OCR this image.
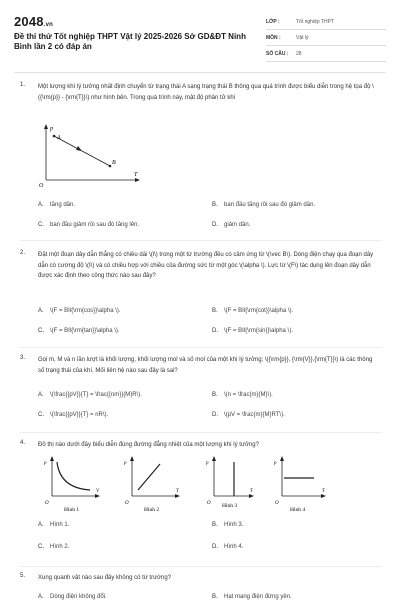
2048.vn
Đề thi thử Tốt nghiệp THPT Vật lý 2025-2026 Sở GD&ĐT Ninh Bình lần 2 có đáp án
LỚP :	Tốt nghiệp THPT
MÔN :	Vật lý
SỐ CÂU :	28
1.	Một lượng khí lý tưởng nhất định chuyển từ trạng thái A sang trạng thái B thông qua quá trình được biểu diễn trong hệ tọa độ \({\rm{p}} - {\rm{T}}\) như hình bên. Trong quá trình này, mật độ phân tử khí
p
A
B
T
O
A. tăng dần.	B. ban đầu tăng rồi sau đó giảm dần.
C. ban đầu giảm rồi sau đó tăng lên.	D. giảm dần.
2.	Đặt một đoạn dây dẫn thẳng có chiều dài \(l\) trong một từ trường đều có cảm ứng từ \(\vec B\). Dòng điện chạy qua đoạn dây dẫn có cường độ \(I\) và có chiều hợp với chiều của đường sức từ một góc \(\alpha \). Lực từ \(F\) tác dụng lên đoạn dây dẫn được xác định theo công thức nào sau đây?
A. \(F = BIl{\rm{cos}}\alpha \).	B. \(F = BIl{\rm{cot}}\alpha \).
C. \(F = BIl{\rm{tan}}\alpha \).	D. \(F = BIl{\rm{sin}}\alpha \).
3.	Gọi m, M và n lần lượt là khối lượng, khối lượng mol và số mol của một khí lý tưởng; \({\rm{p}}, {\rm{V}},{\rm{T}}\) là các thông số trạng thái của khí. Mối liên hệ nào sau đây là sai?
A. \(\frac{{pV}}{T} = \frac{{nm}}{M}R\).	B. \(n = \frac{m}{M}\).
C. \(\frac{{pV}}{T} = nR\).	D. \(pV = \frac{m}{M}RT\).
4.	Đồ thị nào dưới đây biểu diễn đúng đường đẳng nhiệt của một lượng khí lý tưởng?
p
O
V
Hình 1
p
O
T
Hình 2
p
O
T
Hình 3
p
O
T
Hình 4
A. Hình 1.	B. Hình 3.
C. Hình 2.	D. Hình 4.
5.	Xung quanh vật nào sau đây không có từ trường?
A. Dòng điện không đổi.	B. Hạt mang điện đứng yên.
